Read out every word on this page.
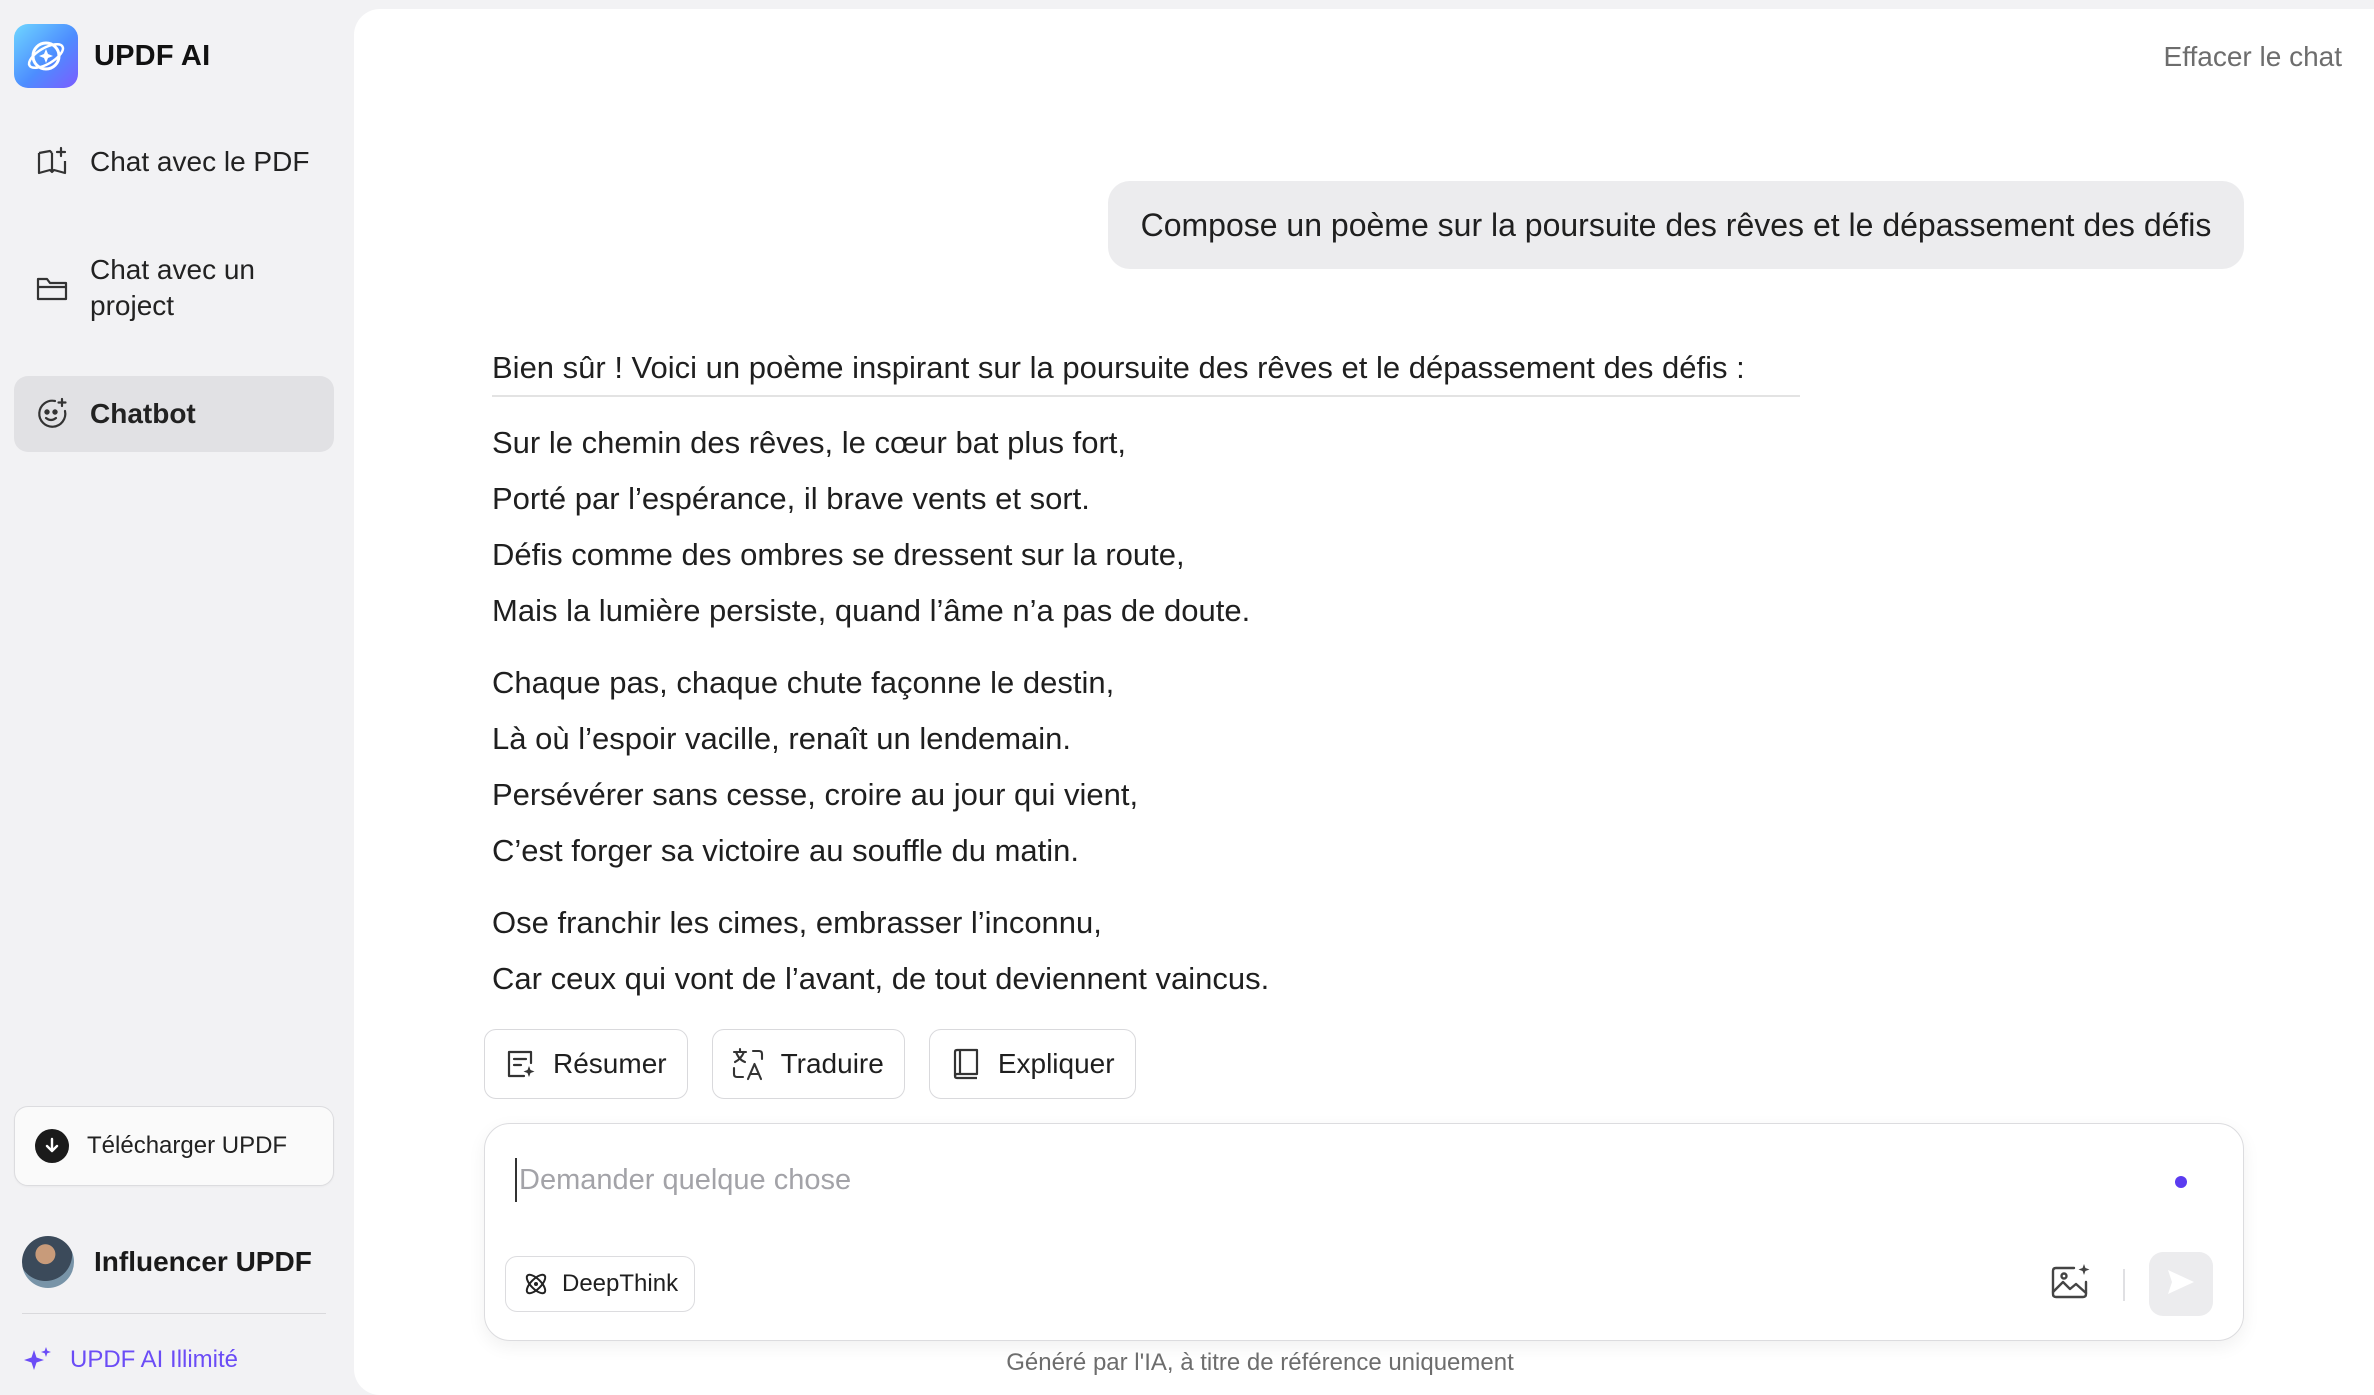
UPDF AI
Chat avec le PDF
Chat avec un project
Chatbot
Télécharger UPDF
Influencer UPDF
UPDF AI Illimité
Effacer le chat
Compose un poème sur la poursuite des rêves et le dépassement des défis
Bien sûr ! Voici un poème inspirant sur la poursuite des rêves et le dépassement des défis :
Sur le chemin des rêves, le cœur bat plus fort,
Porté par l’espérance, il brave vents et sort.
Défis comme des ombres se dressent sur la route,
Mais la lumière persiste, quand l’âme n’a pas de doute.
Chaque pas, chaque chute façonne le destin,
Là où l’espoir vacille, renaît un lendemain.
Persévérer sans cesse, croire au jour qui vient,
C’est forger sa victoire au souffle du matin.
Ose franchir les cimes, embrasser l’inconnu,
Car ceux qui vont de l’avant, de tout deviennent vaincus.
Résumer	Traduire	Expliquer
Demander quelque chose
DeepThink
Généré par l'IA, à titre de référence uniquement
